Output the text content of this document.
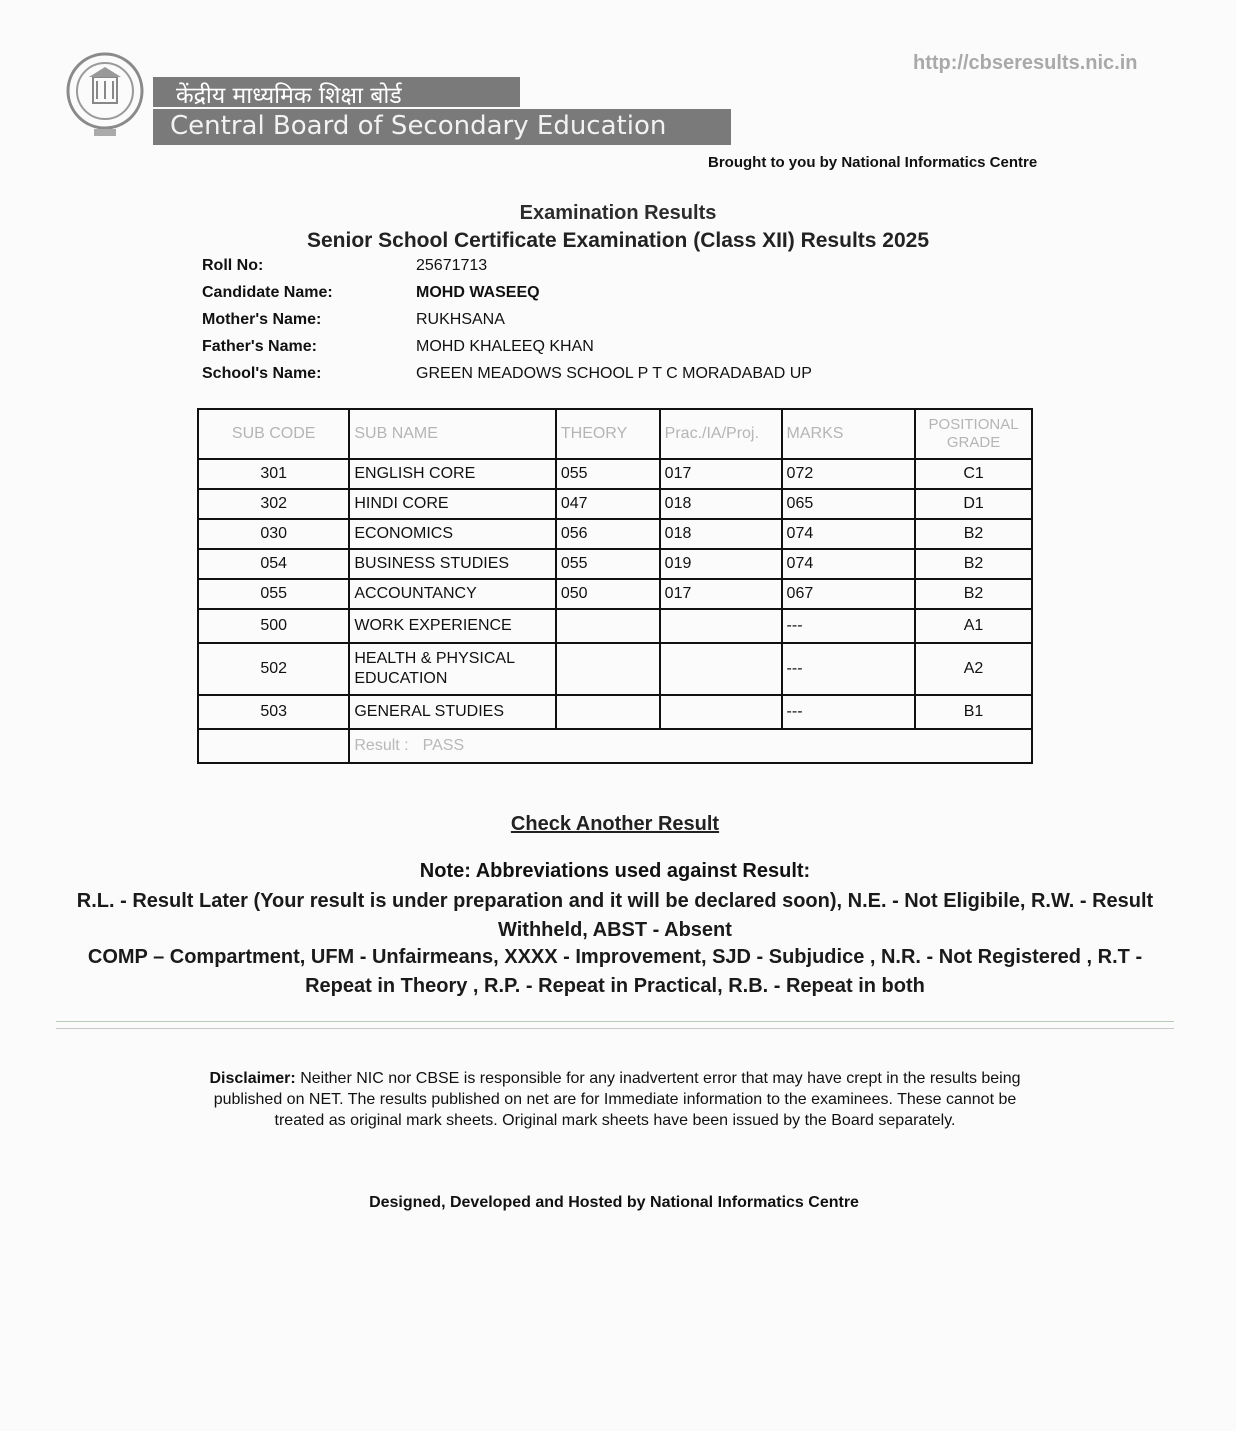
केंद्रीय माध्यमिक शिक्षा बोर्ड
Central Board of Secondary Education
http://cbseresults.nic.in
Brought to you by National Informatics Centre
Examination Results
Senior School Certificate Examination (Class XII) Results 2025
Roll No:	25671713
Candidate Name:	MOHD WASEEQ
Mother's Name:	RUKHSANA
Father's Name:	MOHD KHALEEQ KHAN
School's Name:	GREEN MEADOWS SCHOOL P T C MORADABAD UP
SUB CODE	SUB NAME	THEORY	Prac./IA/Proj.	MARKS	POSITIONAL GRADE
301	ENGLISH CORE	055	017	072	C1
302	HINDI CORE	047	018	065	D1
030	ECONOMICS	056	018	074	B2
054	BUSINESS STUDIES	055	019	074	B2
055	ACCOUNTANCY	050	017	067	B2
500	WORK EXPERIENCE			---	A1
502	HEALTH & PHYSICAL EDUCATION			---	A2
503	GENERAL STUDIES			---	B1
	Result : PASS				
Check Another Result
Note: Abbreviations used against Result:
R.L. - Result Later (Your result is under preparation and it will be declared soon), N.E. - Not Eligibile, R.W. - Result Withheld, ABST - Absent
COMP – Compartment, UFM - Unfairmeans, XXXX - Improvement, SJD - Subjudice , N.R. - Not Registered , R.T - Repeat in Theory , R.P. - Repeat in Practical, R.B. - Repeat in both
Disclaimer: Neither NIC nor CBSE is responsible for any inadvertent error that may have crept in the results being published on NET. The results published on net are for Immediate information to the examinees. These cannot be treated as original mark sheets. Original mark sheets have been issued by the Board separately.
Designed, Developed and Hosted by National Informatics Centre
